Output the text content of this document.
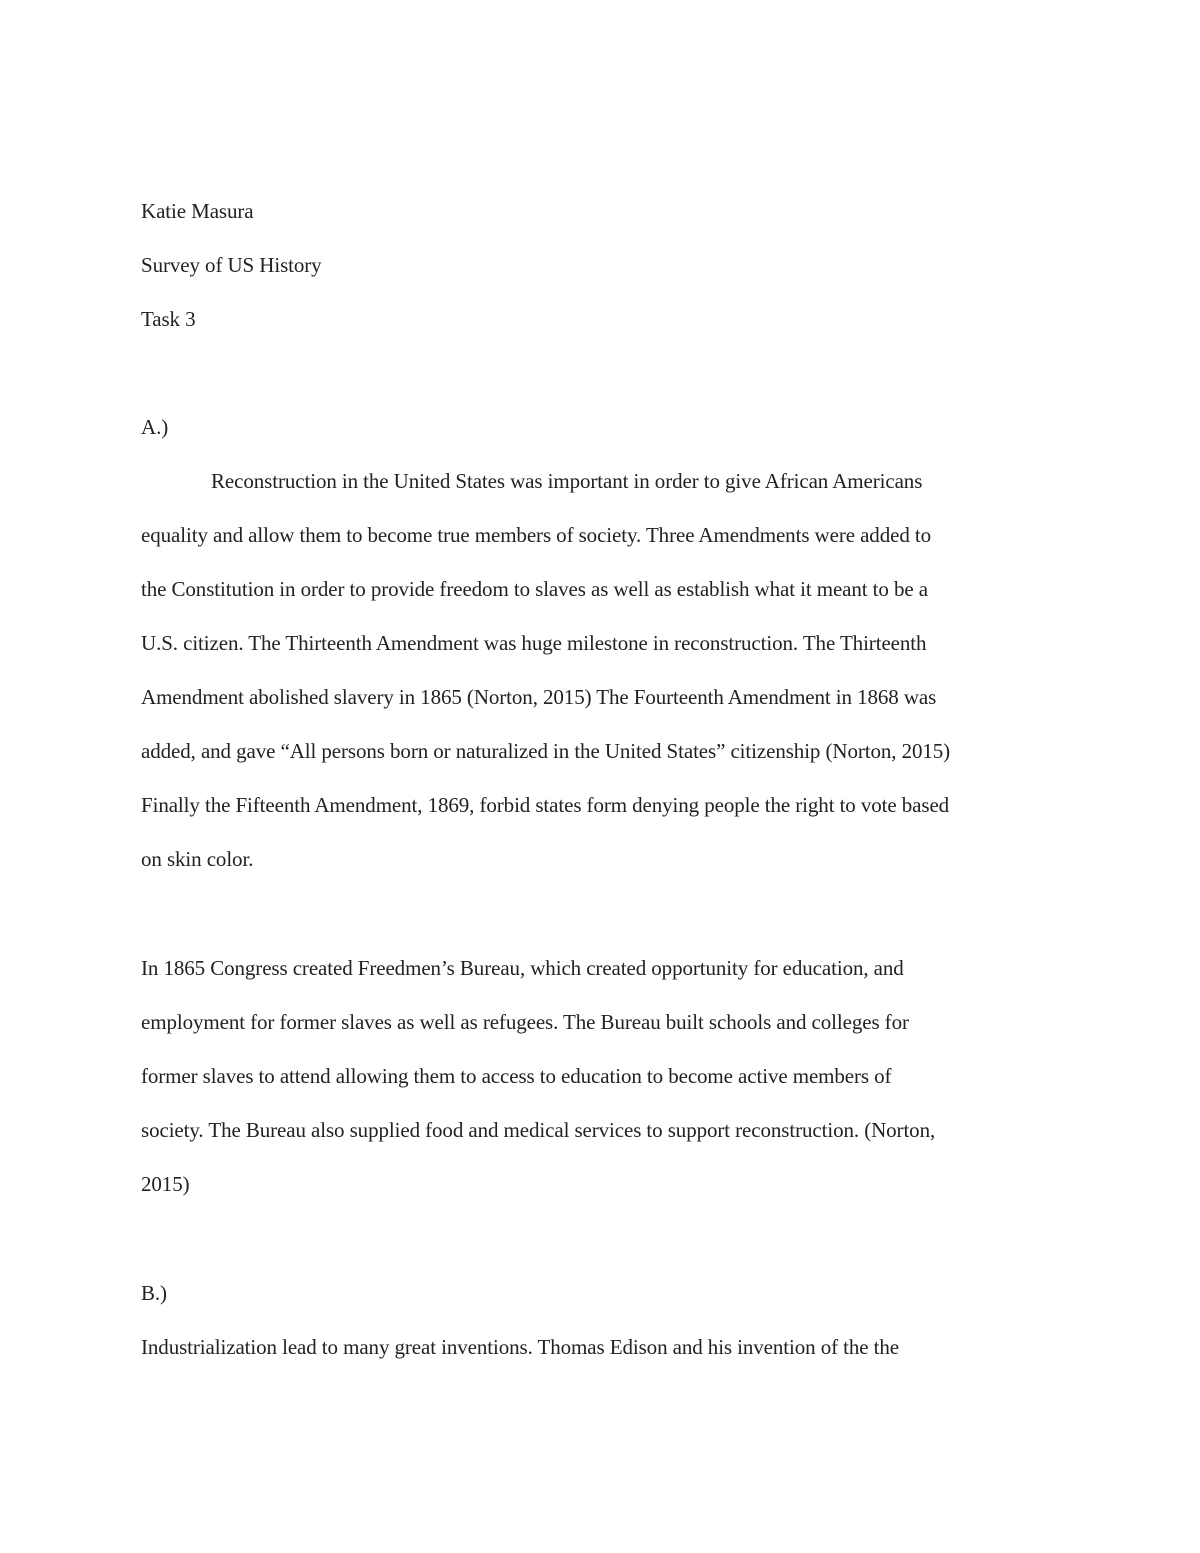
Katie Masura
Survey of US History
Task 3
A.)
Reconstruction in the United States was important in order to give African Americans
equality and allow them to become true members of society. Three Amendments were added to
the Constitution in order to provide freedom to slaves as well as establish what it meant to be a
U.S. citizen. The Thirteenth Amendment was huge milestone in reconstruction. The Thirteenth
Amendment abolished slavery in 1865 (Norton, 2015) The Fourteenth Amendment in 1868 was
added, and gave “All persons born or naturalized in the United States” citizenship (Norton, 2015)
Finally the Fifteenth Amendment, 1869, forbid states form denying people the right to vote based
on skin color.
In 1865 Congress created Freedmen’s Bureau, which created opportunity for education, and
employment for former slaves as well as refugees. The Bureau built schools and colleges for
former slaves to attend allowing them to access to education to become active members of
society. The Bureau also supplied food and medical services to support reconstruction. (Norton,
2015)
B.)
Industrialization lead to many great inventions. Thomas Edison and his invention of the the
